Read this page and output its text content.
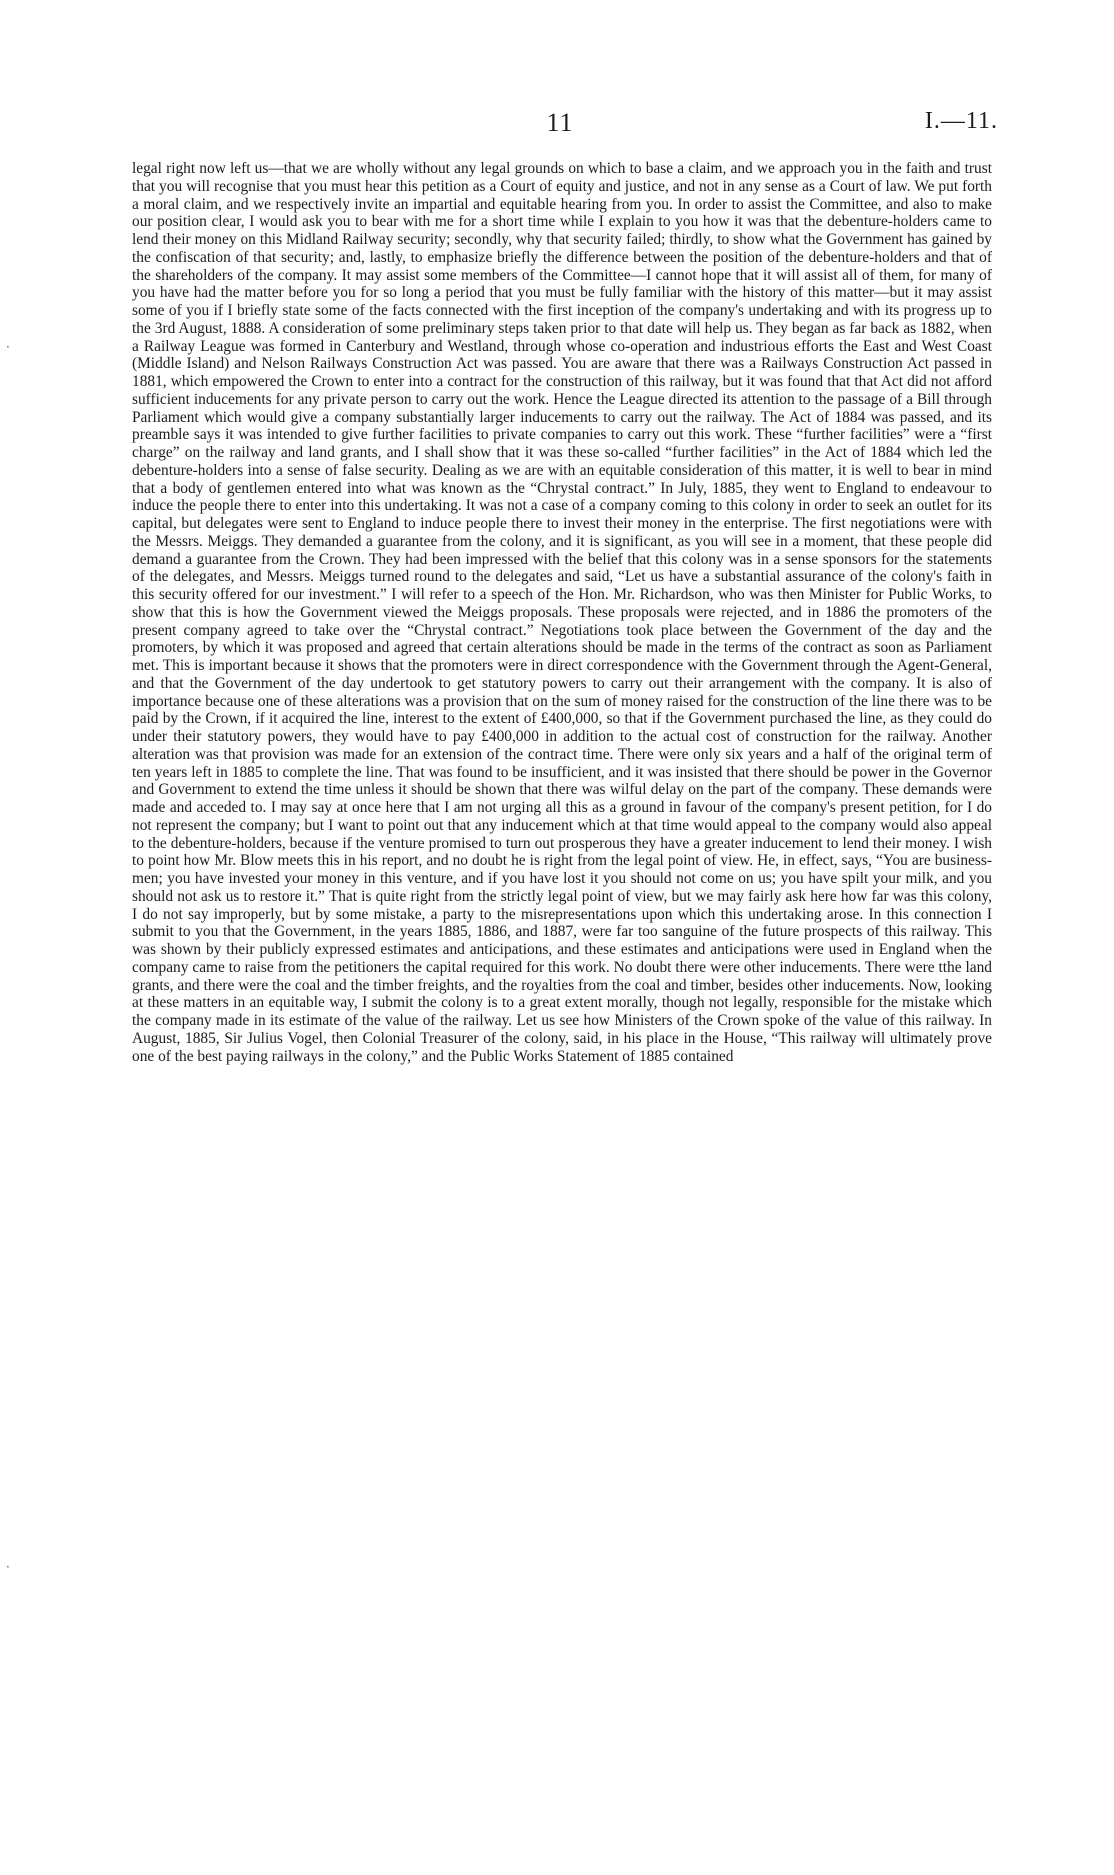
11	I.—11.

legal right now left us—that we are wholly without any legal grounds on which to base a claim, and we approach you in the faith and trust that you will recognise that you must hear this petition as a Court of equity and justice, and not in any sense as a Court of law. We put forth a moral claim, and we respectively invite an impartial and equitable hearing from you. In order to assist the Committee, and also to make our position clear, I would ask you to bear with me for a short time while I explain to you how it was that the debenture-holders came to lend their money on this Midland Railway security; secondly, why that security failed; thirdly, to show what the Government has gained by the confiscation of that security; and, lastly, to emphasize briefly the difference between the position of the debenture-holders and that of the shareholders of the company. It may assist some members of the Committee—I cannot hope that it will assist all of them, for many of you have had the matter before you for so long a period that you must be fully familiar with the history of this matter—but it may assist some of you if I briefly state some of the facts connected with the first inception of the company's undertaking and with its progress up to the 3rd August, 1888. A consideration of some preliminary steps taken prior to that date will help us. They began as far back as 1882, when a Railway League was formed in Canterbury and Westland, through whose co-operation and industrious efforts the East and West Coast (Middle Island) and Nelson Railways Construction Act was passed. You are aware that there was a Railways Construction Act passed in 1881, which empowered the Crown to enter into a contract for the construction of this railway, but it was found that that Act did not afford sufficient inducements for any private person to carry out the work. Hence the League directed its attention to the passage of a Bill through Parliament which would give a company substantially larger inducements to carry out the railway. The Act of 1884 was passed, and its preamble says it was intended to give further facilities to private companies to carry out this work. These “further facilities” were a “first charge” on the railway and land grants, and I shall show that it was these so-called “further facilities” in the Act of 1884 which led the debenture-holders into a sense of false security. Dealing as we are with an equitable consideration of this matter, it is well to bear in mind that a body of gentlemen entered into what was known as the “Chrystal contract.” In July, 1885, they went to England to endeavour to induce the people there to enter into this undertaking. It was not a case of a company coming to this colony in order to seek an outlet for its capital, but delegates were sent to England to induce people there to invest their money in the enterprise. The first negotiations were with the Messrs. Meiggs. They demanded a guarantee from the colony, and it is significant, as you will see in a moment, that these people did demand a guarantee from the Crown. They had been impressed with the belief that this colony was in a sense sponsors for the statements of the delegates, and Messrs. Meiggs turned round to the delegates and said, “Let us have a substantial assurance of the colony's faith in this security offered for our investment.” I will refer to a speech of the Hon. Mr. Richardson, who was then Minister for Public Works, to show that this is how the Government viewed the Meiggs proposals. These proposals were rejected, and in 1886 the promoters of the present company agreed to take over the “Chrystal contract.” Negotiations took place between the Government of the day and the promoters, by which it was proposed and agreed that certain alterations should be made in the terms of the contract as soon as Parliament met. This is important because it shows that the promoters were in direct correspondence with the Government through the Agent-General, and that the Government of the day undertook to get statutory powers to carry out their arrangement with the company. It is also of importance because one of these alterations was a provision that on the sum of money raised for the construction of the line there was to be paid by the Crown, if it acquired the line, interest to the extent of £400,000, so that if the Government purchased the line, as they could do under their statutory powers, they would have to pay £400,000 in addition to the actual cost of construction for the railway. Another alteration was that provision was made for an extension of the contract time. There were only six years and a half of the original term of ten years left in 1885 to complete the line. That was found to be insufficient, and it was insisted that there should be power in the Governor and Government to extend the time unless it should be shown that there was wilful delay on the part of the company. These demands were made and acceded to. I may say at once here that I am not urging all this as a ground in favour of the company's present petition, for I do not represent the company; but I want to point out that any inducement which at that time would appeal to the company would also appeal to the debenture-holders, because if the venture promised to turn out prosperous they have a greater inducement to lend their money. I wish to point how Mr. Blow meets this in his report, and no doubt he is right from the legal point of view. He, in effect, says, “You are business-men; you have invested your money in this venture, and if you have lost it you should not come on us; you have spilt your milk, and you should not ask us to restore it.” That is quite right from the strictly legal point of view, but we may fairly ask here how far was this colony, I do not say improperly, but by some mistake, a party to the misrepresentations upon which this undertaking arose. In this connection I submit to you that the Government, in the years 1885, 1886, and 1887, were far too sanguine of the future prospects of this railway. This was shown by their publicly expressed estimates and anticipations, and these estimates and anticipations were used in England when the company came to raise from the petitioners the capital required for this work. No doubt there were other inducements. There were tthe land grants, and there were the coal and the timber freights, and the royalties from the coal and timber, besides other inducements. Now, looking at these matters in an equitable way, I submit the colony is to a great extent morally, though not legally, responsible for the mistake which the company made in its estimate of the value of the railway. Let us see how Ministers of the Crown spoke of the value of this railway. In August, 1885, Sir Julius Vogel, then Colonial Treasurer of the colony, said, in his place in the House, “This railway will ultimately prove one of the best paying railways in the colony,” and the Public Works Statement of 1885 contained

·
·
